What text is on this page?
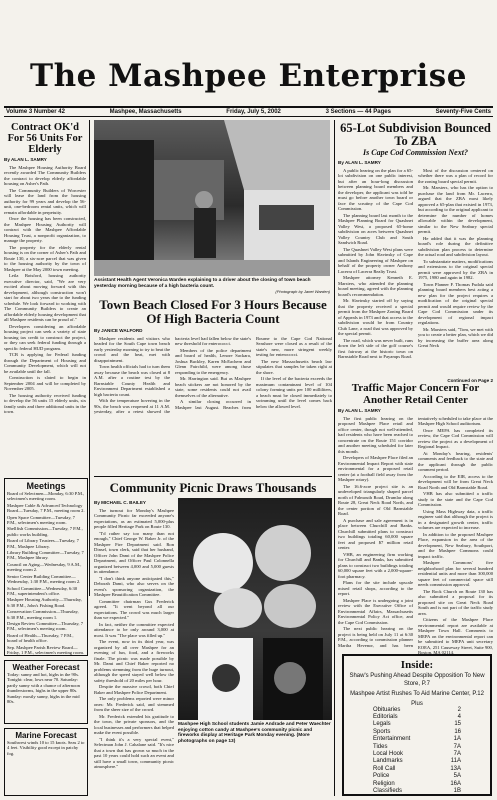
The Mashpee Enterprise
Volume 3 Number 42	Mashpee, Massachusetts	Friday, July 5, 2002	3 Sections — 44 Pages	Seventy-Five Cents
Contract OK'd For 56 Units For Elderly
By ALAN L. SAMRY

The Mashpee Housing Authority Board recently awarded The Community Builders the contract to develop elderly affordable housing on Asher's Path.

The Community Builders of Worcester will lease the land from the housing authority for 99 years and develop the 56-unit, one-bedroom rental units, which will remain affordable in perpetuity.

Once the housing has been constructed, the Mashpee Housing Authority will contract with the Mashpee Affordable Housing Trust, a nonprofit organization, to manage the property.

The property for the elderly rental housing is on the corner of Asher's Path and Route 130, a six-acre parcel that was given to the housing authority by the town of Mashpee at the May 2000 town meeting.

Leila Botsford, housing authority executive director, said, "We are very excited about moving forward with this development, although construction won't start for about two years due to the funding schedule. We look forward to working with The Community Builders to create an affordable elderly housing development that all Mashpee residents can be proud of."

Developers considering an affordable housing project can seek a variety of state housing tax credit to construct the project, or they can seek federal funding through a specific federal HUD program.

TCB is applying for Federal funding through the Department of Housing and Community Development, which will not be available until the fall.

Construction is slated to begin in September 2004 and will be completed by November 2005.

The housing authority received funding to develop the 56 units 15 elderly units, six family units and three additional units in the town.

Assistant Health Agent Veronica Warden explaining to a driver about the closing of town beach yesterday morning because of a high bacteria count.
(Photograph by Janet Warden)
Town Beach Closed For 3 Hours Because Of High Bacteria Count
By JANICE WALFORD

Mashpee residents and visitors who headed for the South Cape town beach early yesterday morning to try to beat the crowd and the heat, met with disappointment.

Town health officials had to turn them away because the beach was closed at 8 A.M. after a routine test by the Barnstable County Health and Environment Department established a high bacteria count.

With the temperature hovering in the 90s, the beach was reopened at 11 A.M. yesterday, after a retest showed the bacteria level had fallen below the state's new threshold for enterococci.

Members of the police department and board of health, Lenore Sackara, Joshua Buckley, Karen McEachern and Glenn Fairchild, were among those responding to the emergency.

Mr. Harrington said. But as Mashpee beach stickers are not honored by the state, some residents could not avail themselves of the alternative.

A similar closing occurred in Mashpee last August. Beaches from Bourne to the Cape Cod National Seashore were closed as a result of the state's new, more stringent weekly testing for enterococci.

The new Massachusetts beach law stipulates that samples be taken right at the shore.

If the level of the bacteria exceeds the maximum contaminant level of 104 colony forming units per 100 milliliters, a beach must be closed immediately to swimming until the level comes back below the allowed level.

65-Lot Subdivision Bounced To ZBA
Is Cape Cod Commission Next?
By ALAN L. SAMRY

A public hearing on the plan for a 65-lot subdivision on one public interest, but after an hour-long discussion between planning board members and the developer, the applicant was told he must go before another town board or face the scrutiny of the Cape Cod Commission.

The planning board last month to the Mashpee Planning Board for Quashnet Valley West, a proposed 65-home subdivision on acres between Quashnet Valley Country Club and South Sandwich Road.

The Quashnet Valley West plans were submitted by John Slavinsky of Cape and Islands Engineering of Mashpee on behalf of the property owner Anthony Lacerra of Lacerra Realty Trust.

Mashpee attorney Kenneth E. Marsters, who attended the planning board meeting, agreed with the planning board's recommendation.

Mr. Slavinsky started off by saying that the property received a special permit from the Mashpee Zoning Board of Appeals in 1973 and that access to the subdivision would be from Country Club Lane, a road that was approved by the special permit.

The road, which was never built, runs down the left side of the golf course's first fairway at the historic town on Barnstable Road next to Payamps Road.

Most of the discussion centered on whether there was a plan of record for the zoning board special permit.

Mr. Marsters, who has the option to purchase the land from Mr. Lacerra, argued that the ZBA most likely approved a 65-plan that existed in 1973, but according to the original applicant to determine the number of homes allowable within the development, similar to the New Seabury special permit.

He added that it was the planning board's role during the definitive subdivision plan process to determine the actual road and subdivision layout.

To substantiate matters, modifications and extensions to the original special permit were approved by the ZBA in 1975, 1980 and again in 1982.

Town Planner F. Thomas Fudala said planning board members best acting a new plan for the project requires a modification of the original special permit and would require review by the Cape Cod Commission under its development of regional impact regulations.

Mr. Marsters said, "Tom, we met with you to create a better plan, which we did by increasing the buffer area along Great Neck

Continued on Page 2
Traffic Major Concern For Another Retail Center
By ALAN L. SAMRY

The first public hearing on the proposed Mashpee Place retail and office center, though not well-attended, had residents who have been reached to concentrate on the Route 151 corridor and another meeting scheduled for later this month.

Developers of Mashpee Place filed an Environmental Impact Report with state environmental for a proposed retail center (at a football field away from the Mashpee rotary).

The 16.6-acre project site is an undeveloped triangularly shaped parcel north of Falmouth Road, Drumlar along Route 28, Great Neck Road North, and the center portion of Old Barnstable Road.

A purchase and sale agreement is in place between Churchill and Banks. Churchill submitted plans to construct two buildings totaling 60,000 square feet and proposed $7 million retail center.

VHB, an engineering firm working for Churchill and Banks, has submitted plans to construct two buildings totaling 60,000 square feet with a 2,000-square-foot pharmacy.

Plans for the site include upscale mixed retail shops, according to the report.

Mashpee Place is undergoing a joint review with the Executive Office of Environmental Affairs, Massachusetts Environmental Policy Act office, and the Cape Cod Commission.

The next public hearing on the project is being held on July 11 at 6:30 P.M., according to commission planner Martha Hevenor, and has been tentatively scheduled to take place at the Mashpee High School auditorium.

Once MEPA has completed its review, the Cape Cod Commission will review the project as a development of Regional Impact.

At Monday's hearing, residents' comments and feedback to the state and the applicant through the public comment period.

According to the EIR, access to the development will be from Great Neck Road North and Old Barnstable Road.

VHB has also submitted a traffic study to the state and the Cape Cod Commission.

Using Mass Highway data, a traffic engineer said that although the project is in a designated growth center, traffic volumes are expected to increase.

In addition to the proposed Mashpee Place, expansion in the area of the development, New Seabury, Southport, and the Mashpee Commons could impact traffic.

Mashpee Commons' five neighborhood plan for several hundred residential units and more than 300,000 square feet of commercial space still needs commission approval.

The Rock Church on Route 130 has also submitted a proposal for its proposed site on Great Neck Road South and is not part of the traffic study area.

Citizens of the Mashpee Place environmental report are available at Mashpee Town Hall. Comments to MEPA on the environmental report can be submitted to MEPA unit secretary EOEA, 251 Causeway Street, Suite 900, Boston, MA 02114.

Community Picnic Draws Thousands
By MICHAEL C. BAILEY

The turnout for Monday's Mashpee Community Picnic far exceeded anyone's expectations, as an estimated 5,000-plus people filled Heritage Park on Route 130.

"I'd rather say too many than not enough," Chief George W. Baker Jr. of the Mashpee Fire Department said. Ron Dinsel, town clerk, said that her husband, Officer John Dami of the Mashpee Police Department, and Officer Paul Colonnella organized between 4,000 and 5,000 guests in attendance.

"I don't think anyone anticipated this," Deborah Dami, who also serves on the event's sponsoring organization, the Mashpee Beautification Committee.

Committee chairman Gus Frederick agreed. "It went beyond all our expectations. The crowd was much larger than we expected."

In fact, neither the committee expected attendance to be only around 3,000 at most. It was "The place was filled up."

The event, now in its third year, was organized by all over Mashpee for an evening of fun, food, and a fireworks finale. The picnic was made possible by Mr. Dami and Chief Baker reported no problems stemming from the huge turnout, although the speed stayed well below the safety threshold of 20 miles per hour.

Despite the massive crowd, both Chief Baker and Mashpee Police Department.

The only problems reported were minor ones: Mr. Frederick said, and stemmed from the sheer size of the crowd.

Mr. Frederick extended his gratitude to the town, the private sponsors, and the local businesses and performers that helped make the event possible.

"I think it's a very special event," Selectman John J. Cahalane said. "It's nice that a town that has grown so much in the past 10 years could hold such an event and still have a small town, community picnic atmosphere."

Mashpee High School students Jamie Andrade and Peter Waechter enjoying cotton candy at Mashpee's community picnic and fireworks display at Heritage Park Monday evening. (More photographs on page 13)
Meetings
Board of Selectmen—Monday, 6:30 P.M., selectmen's meeting room.
Mashpee Cable & Advanced Technology Board—Tuesday, 7 P.M., meeting room 2.
Open Space Committee—Tuesday, 7 P.M., selectmen's meeting room.
Shellfish Commission—Tuesday, 7 P.M., public works building.
Board of Library Trustees—Tuesday, 7 P.M., Mashpee Library.
Library Building Committee—Tuesday, 7 P.M., Mashpee library.
Council on Aging—Wednesday, 9 A.M., meeting room 2.
Senior Center Building Committee—Wednesday, 1:30 P.M., meeting room 2.
School Committee—Wednesday, 6:30 P.M., superintendent's office.
Mashpee Housing Authority—Thursday, 6:30 P.M., John's Fishing Road.
Conservation Commission—Thursday, 6:30 P.M., meeting room 1.
Design Review Committee—Thursday, 7 P.M., selectmen's meeting room.
Board of Health—Thursday, 7 P.M., board of health office.
Sep. Mashpee Parish Review Board—Friday, 1 P.M., selectmen's meeting room.
Weather Forecast
Today: sunny and hot, highs in the 90s. Tonight: clear, lows near 70. Saturday: partly sunny with a chance of afternoon thunderstorms, highs in the upper 80s. Sunday: mostly sunny, highs in the mid 80s.
Marine Forecast
Southwest winds 10 to 15 knots. Seas 2 to 4 feet. Visibility good except in patchy fog.
Inside:
Shaw's Pushing Ahead Despite Opposition To New Store, P.7
Mashpee Artist Rushes To Aid Marine Center, P.12
Plus
Obituaries	2
Editorials	4
Legals	15
Sports	16
Entertainment	1A
Tides	7A
Local Hook	7A
Landmarks	11A
Roll Call	13A
Police	5A
Religion	16A
Classifieds	1B
